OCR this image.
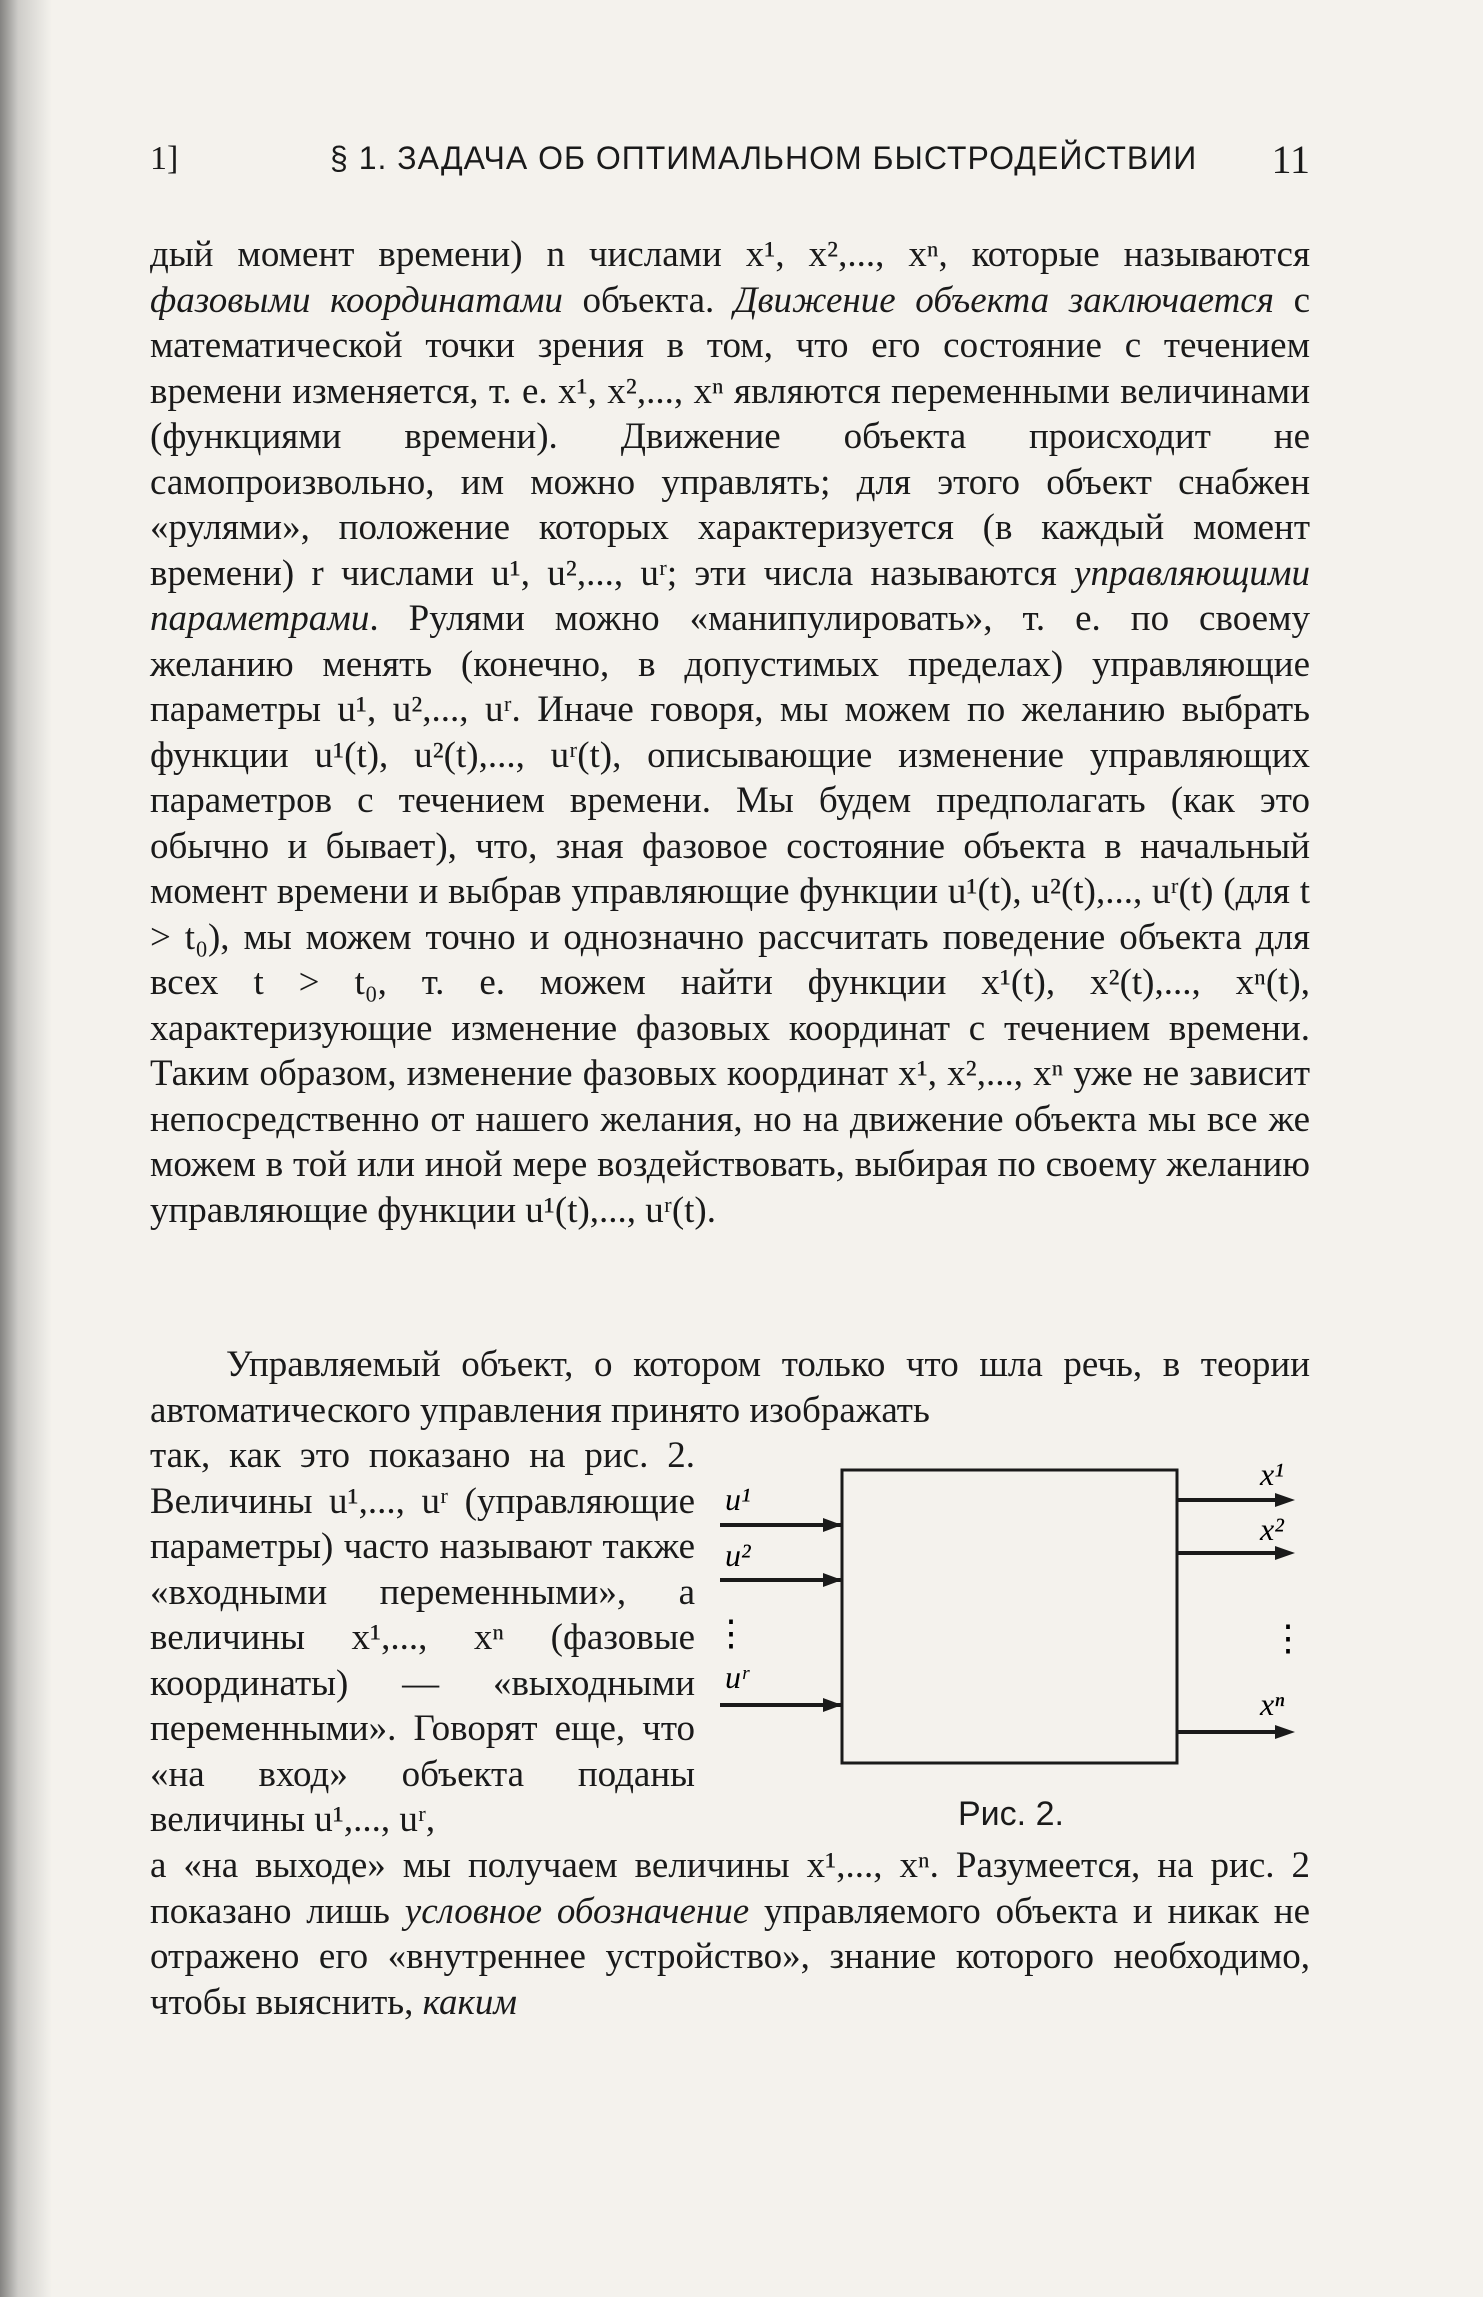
1]	§ 1. ЗАДАЧА ОБ ОПТИМАЛЬНОМ БЫСТРОДЕЙСТВИИ 11

дый момент времени) n числами x¹, x²,..., xⁿ, которые называются фазовыми координатами объекта. Движение объекта заключается с математической точки зрения в том, что его состояние с течением времени изменяется, т. е. x¹, x²,..., xⁿ являются переменными величинами (функциями времени). Движение объекта происходит не самопроизвольно, им можно управлять; для этого объект снабжен «рулями», положение которых характеризуется (в каждый момент времени) r числами u¹, u²,..., uʳ; эти числа называются управляющими параметрами. Рулями можно «манипулировать», т. е. по своему желанию менять (конечно, в допустимых пределах) управляющие параметры u¹, u²,..., uʳ. Иначе говоря, мы можем по желанию выбрать функции u¹(t), u²(t),..., uʳ(t), описывающие изменение управляющих параметров с течением времени. Мы будем предполагать (как это обычно и бывает), что, зная фазовое состояние объекта в начальный момент времени и выбрав управляющие функции u¹(t), u²(t),..., uʳ(t) (для t > t₀), мы можем точно и однозначно рассчитать поведение объекта для всех t > t₀, т. е. можем найти функции x¹(t), x²(t),..., xⁿ(t), характеризующие изменение фазовых координат с течением времени. Таким образом, изменение фазовых координат x¹, x²,..., xⁿ уже не зависит непосредственно от нашего желания, но на движение объекта мы все же можем в той или иной мере воздействовать, выбирая по своему желанию управляющие функции u¹(t),..., uʳ(t).

Управляемый объект, о котором только что шла речь, в теории автоматического управления принято изображать

так, как это показано на рис. 2. Величины u¹,..., uʳ (управляющие параметры) часто называют также «входными переменными», а величины x¹,..., xⁿ (фазовые координаты) — «выходными переменными». Говорят еще, что «на вход» объекта поданы величины u¹,..., uʳ,

u¹
u²
⋮
uʳ
x¹
x²
⋮
xⁿ
Рис. 2.

а «на выходе» мы получаем величины x¹,..., xⁿ. Разумеется, на рис. 2 показано лишь условное обозначение управляемого объекта и никак не отражено его «внутреннее устройство», знание которого необходимо, чтобы выяснить, каким
